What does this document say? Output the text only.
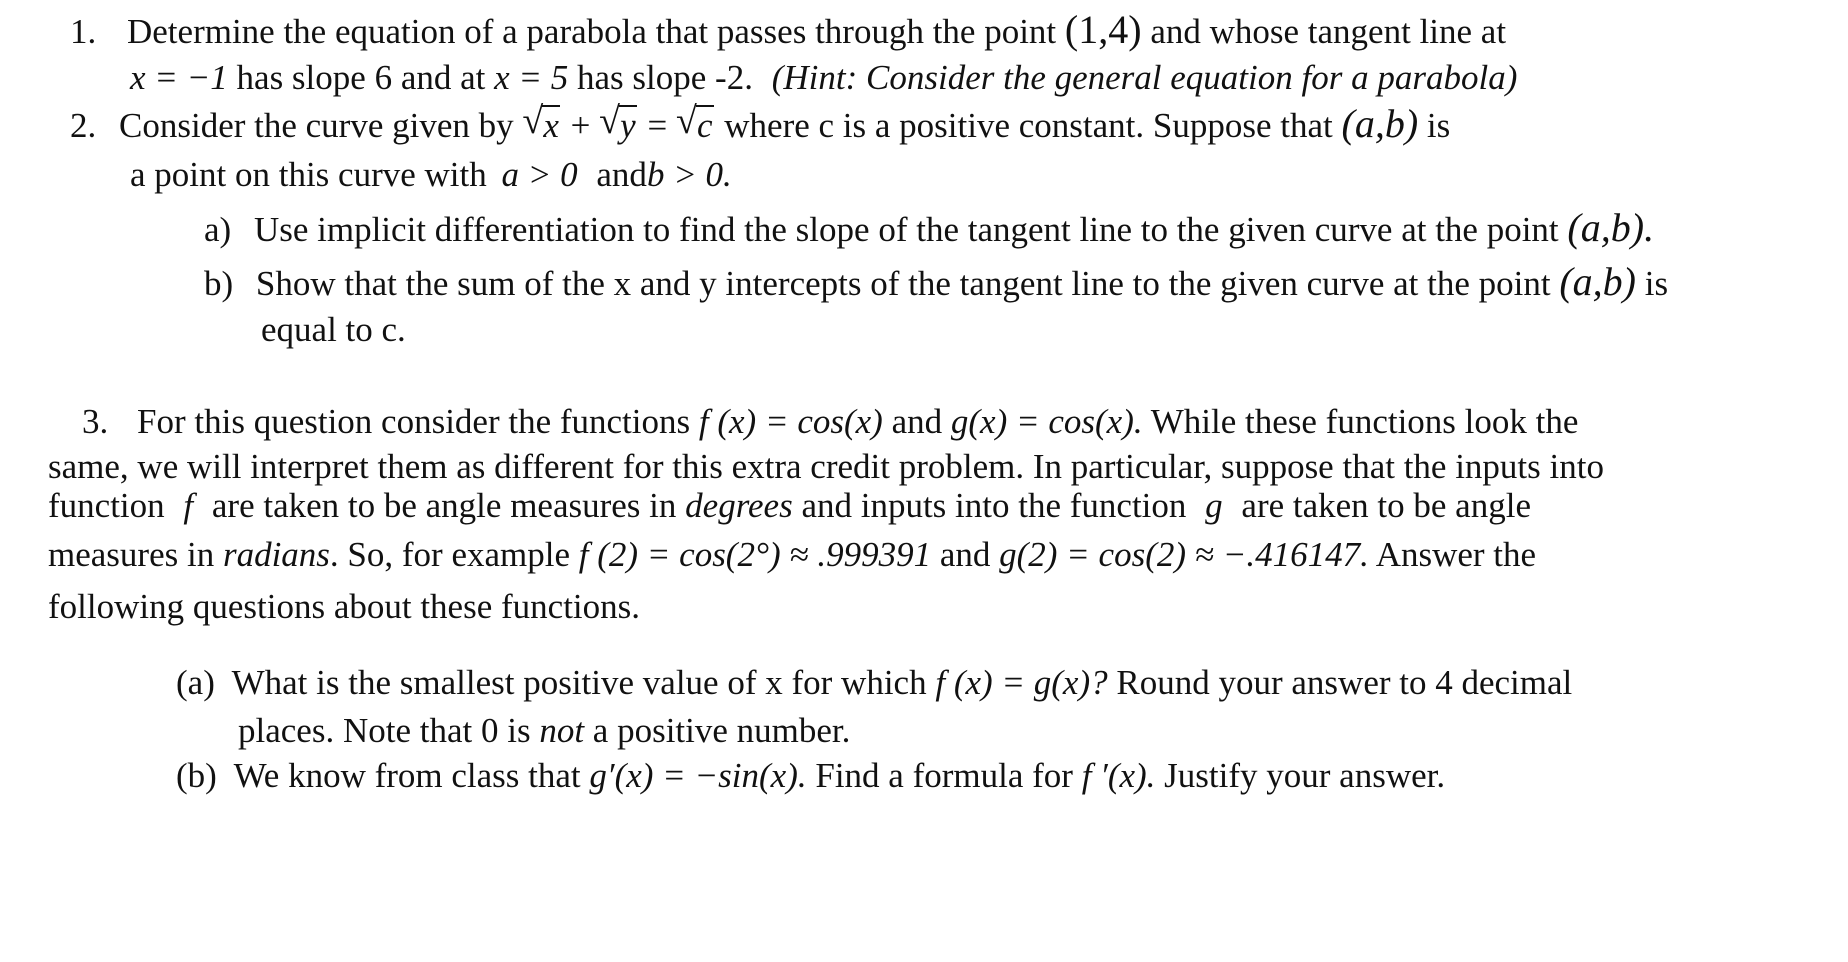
1. Determine the equation of a parabola that passes through the point (1,4) and whose tangent line at
x = −1 has slope 6 and at x = 5 has slope -2. (Hint: Consider the general equation for a parabola)
2. Consider the curve given by √ x + √ y = √ c where c is a positive constant. Suppose that (a,b) is
a point on this curve with a > 0 andb > 0.
a) Use implicit differentiation to find the slope of the tangent line to the given curve at the point (a,b).
b) Show that the sum of the x and y intercepts of the tangent line to the given curve at the point (a,b) is
equal to c.
3. For this question consider the functions f (x) = cos(x) and g(x) = cos(x). While these functions look the
same, we will interpret them as different for this extra credit problem. In particular, suppose that the inputs into
function f are taken to be angle measures in degrees and inputs into the function g are taken to be angle
measures in radians. So, for example f (2) = cos(2°) ≈ .999391 and g(2) = cos(2) ≈ −.416147. Answer the
following questions about these functions.
(a) What is the smallest positive value of x for which f (x) = g(x)? Round your answer to 4 decimal
places. Note that 0 is not a positive number.
(b) We know from class that g′(x) = −sin(x). Find a formula for f ′(x). Justify your answer.
